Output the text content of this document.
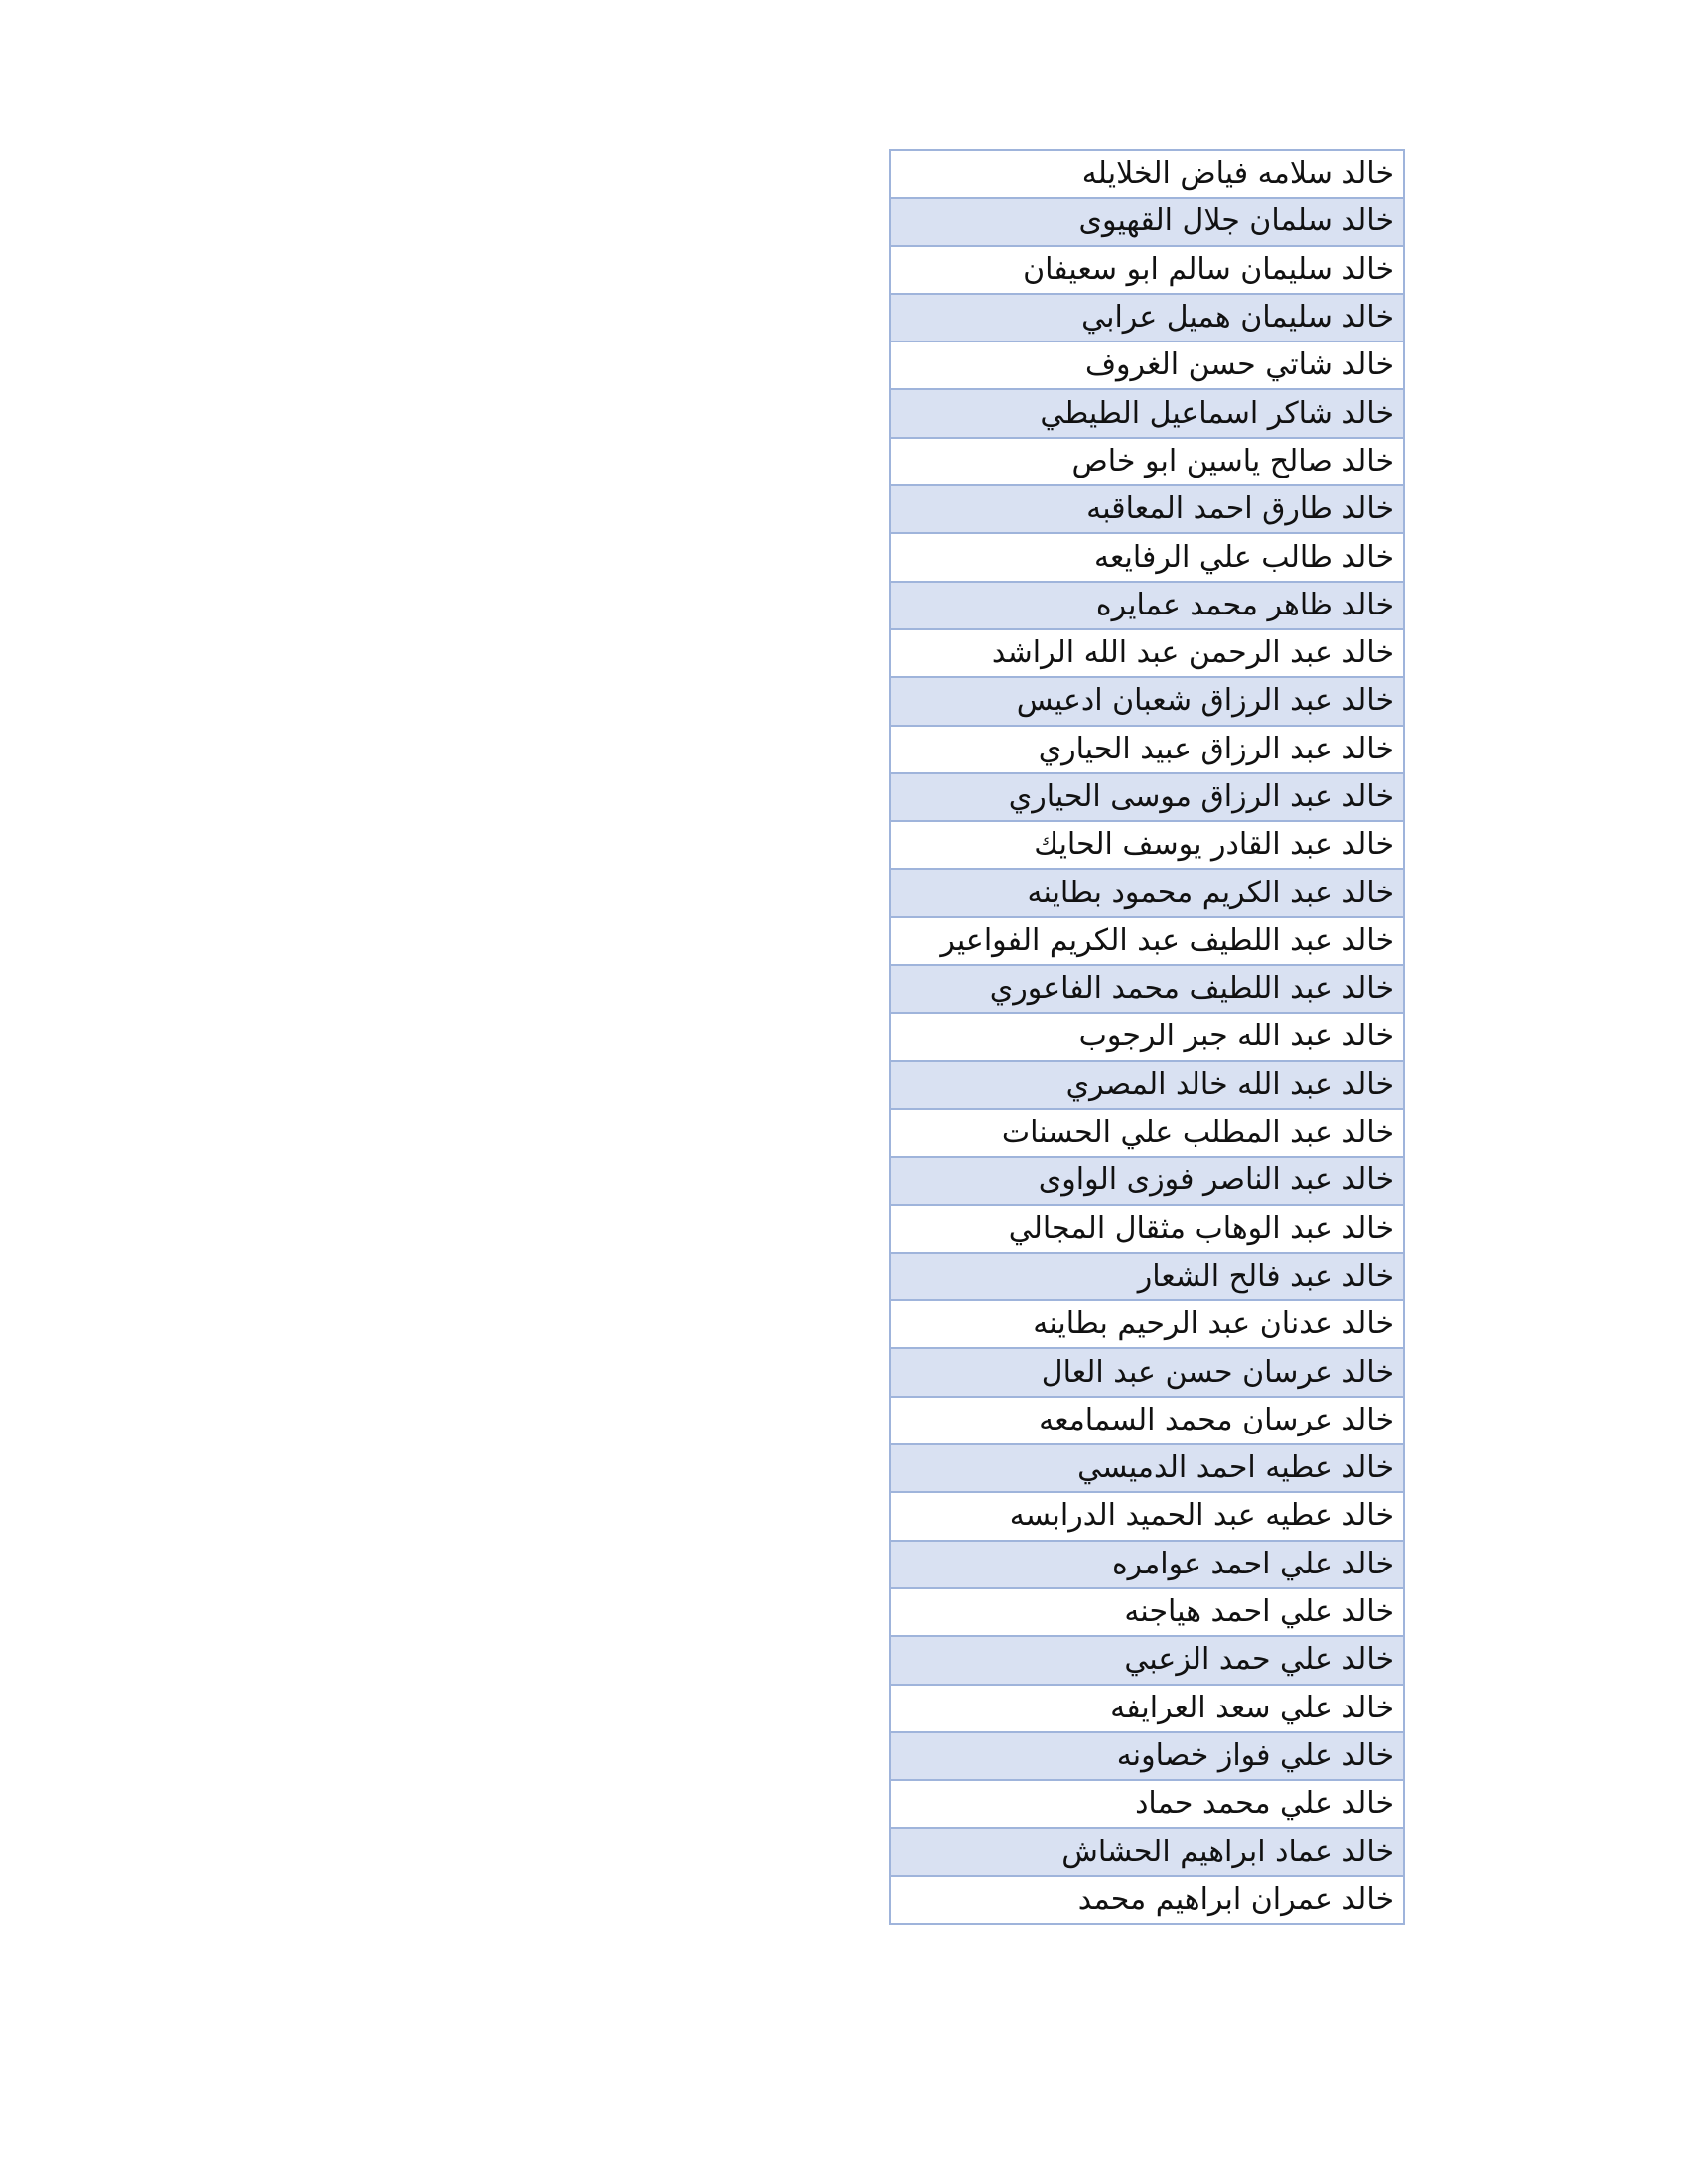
خالد سلامه فياض الخلايله
خالد سلمان جلال القهيوى
خالد سليمان سالم ابو سعيفان
خالد سليمان هميل عرابي
خالد شاتي حسن الغروف
خالد شاكر اسماعيل الطيطي
خالد صالح ياسين ابو خاص
خالد طارق احمد المعاقبه
خالد طالب علي الرفايعه
خالد ظاهر محمد عمايره
خالد عبد الرحمن عبد الله الراشد
خالد عبد الرزاق شعبان ادعيس
خالد عبد الرزاق عبيد الحياري
خالد عبد الرزاق موسى الحياري
خالد عبد القادر يوسف الحايك
خالد عبد الكريم محمود بطاينه
خالد عبد اللطيف عبد الكريم الفواعير
خالد عبد اللطيف محمد الفاعوري
خالد عبد الله جبر الرجوب
خالد عبد الله خالد المصري
خالد عبد المطلب علي الحسنات
خالد عبد الناصر فوزى الواوى
خالد عبد الوهاب مثقال المجالي
خالد عبد فالح الشعار
خالد عدنان عبد الرحيم بطاينه
خالد عرسان حسن عبد العال
خالد عرسان محمد السمامعه
خالد عطيه احمد الدميسي
خالد عطيه عبد الحميد الدرابسه
خالد علي احمد عوامره
خالد علي احمد هياجنه
خالد علي حمد الزعبي
خالد علي سعد العرايفه
خالد علي فواز خصاونه
خالد علي محمد حماد
خالد عماد ابراهيم الحشاش
خالد عمران ابراهيم محمد
